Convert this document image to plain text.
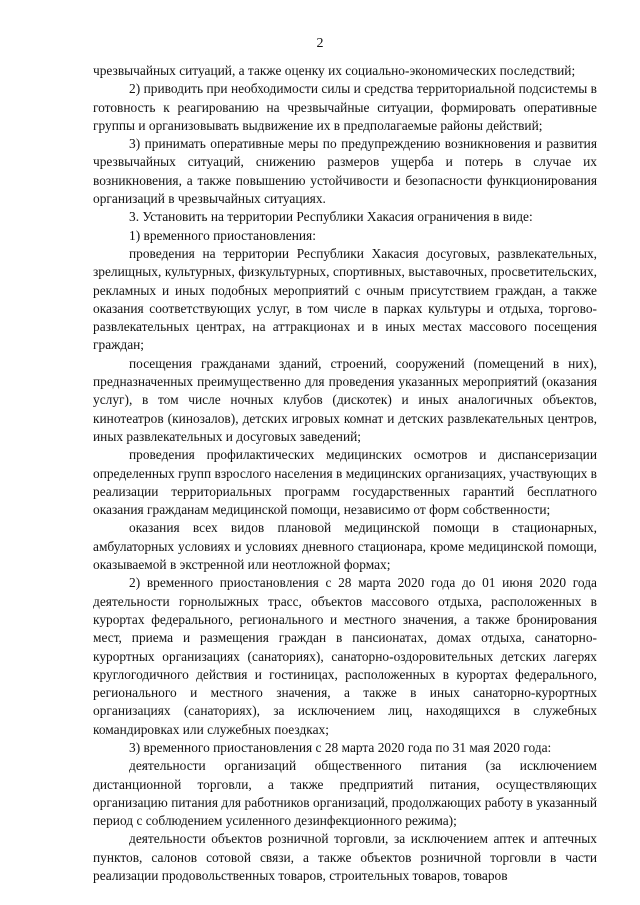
2

чрезвычайных ситуаций, а также оценку их социально-экономических последствий;

2) приводить при необходимости силы и средства территориальной подсистемы в готовность к реагированию на чрезвычайные ситуации, формировать оперативные группы и организовывать выдвижение их в предполагаемые районы действий;

3) принимать оперативные меры по предупреждению возникновения и развития чрезвычайных ситуаций, снижению размеров ущерба и потерь в случае их возникновения, а также повышению устойчивости и безопасности функционирования организаций в чрезвычайных ситуациях.

3. Установить на территории Республики Хакасия ограничения в виде:

1) временного приостановления:

проведения на территории Республики Хакасия досуговых, развлекательных, зрелищных, культурных, физкультурных, спортивных, выставочных, просветительских, рекламных и иных подобных мероприятий с очным присутствием граждан, а также оказания соответствующих услуг, в том числе в парках культуры и отдыха, торгово-развлекательных центрах, на аттракционах и в иных местах массового посещения граждан;

посещения гражданами зданий, строений, сооружений (помещений в них), предназначенных преимущественно для проведения указанных мероприятий (оказания услуг), в том числе ночных клубов (дискотек) и иных аналогичных объектов, кинотеатров (кинозалов), детских игровых комнат и детских развлекательных центров, иных развлекательных и досуговых заведений;

проведения профилактических медицинских осмотров и диспансеризации определенных групп взрослого населения в медицинских организациях, участвующих в реализации территориальных программ государственных гарантий бесплатного оказания гражданам медицинской помощи, независимо от форм собственности;

оказания всех видов плановой медицинской помощи в стационарных, амбулаторных условиях и условиях дневного стационара, кроме медицинской помощи, оказываемой в экстренной или неотложной формах;

2) временного приостановления с 28 марта 2020 года до 01 июня 2020 года деятельности горнолыжных трасс, объектов массового отдыха, расположенных в курортах федерального, регионального и местного значения, а также бронирования мест, приема и размещения граждан в пансионатах, домах отдыха, санаторно-курортных организациях (санаториях), санаторно-оздоровительных детских лагерях круглогодичного действия и гостиницах, расположенных в курортах федерального, регионального и местного значения, а также в иных санаторно-курортных организациях (санаториях), за исключением лиц, находящихся в служебных командировках или служебных поездках;

3) временного приостановления с 28 марта 2020 года по 31 мая 2020 года:

деятельности организаций общественного питания (за исключением дистанционной торговли, а также предприятий питания, осуществляющих организацию питания для работников организаций, продолжающих работу в указанный период с соблюдением усиленного дезинфекционного режима);

деятельности объектов розничной торговли, за исключением аптек и аптечных пунктов, салонов сотовой связи, а также объектов розничной торговли в части реализации продовольственных товаров, строительных товаров, товаров
